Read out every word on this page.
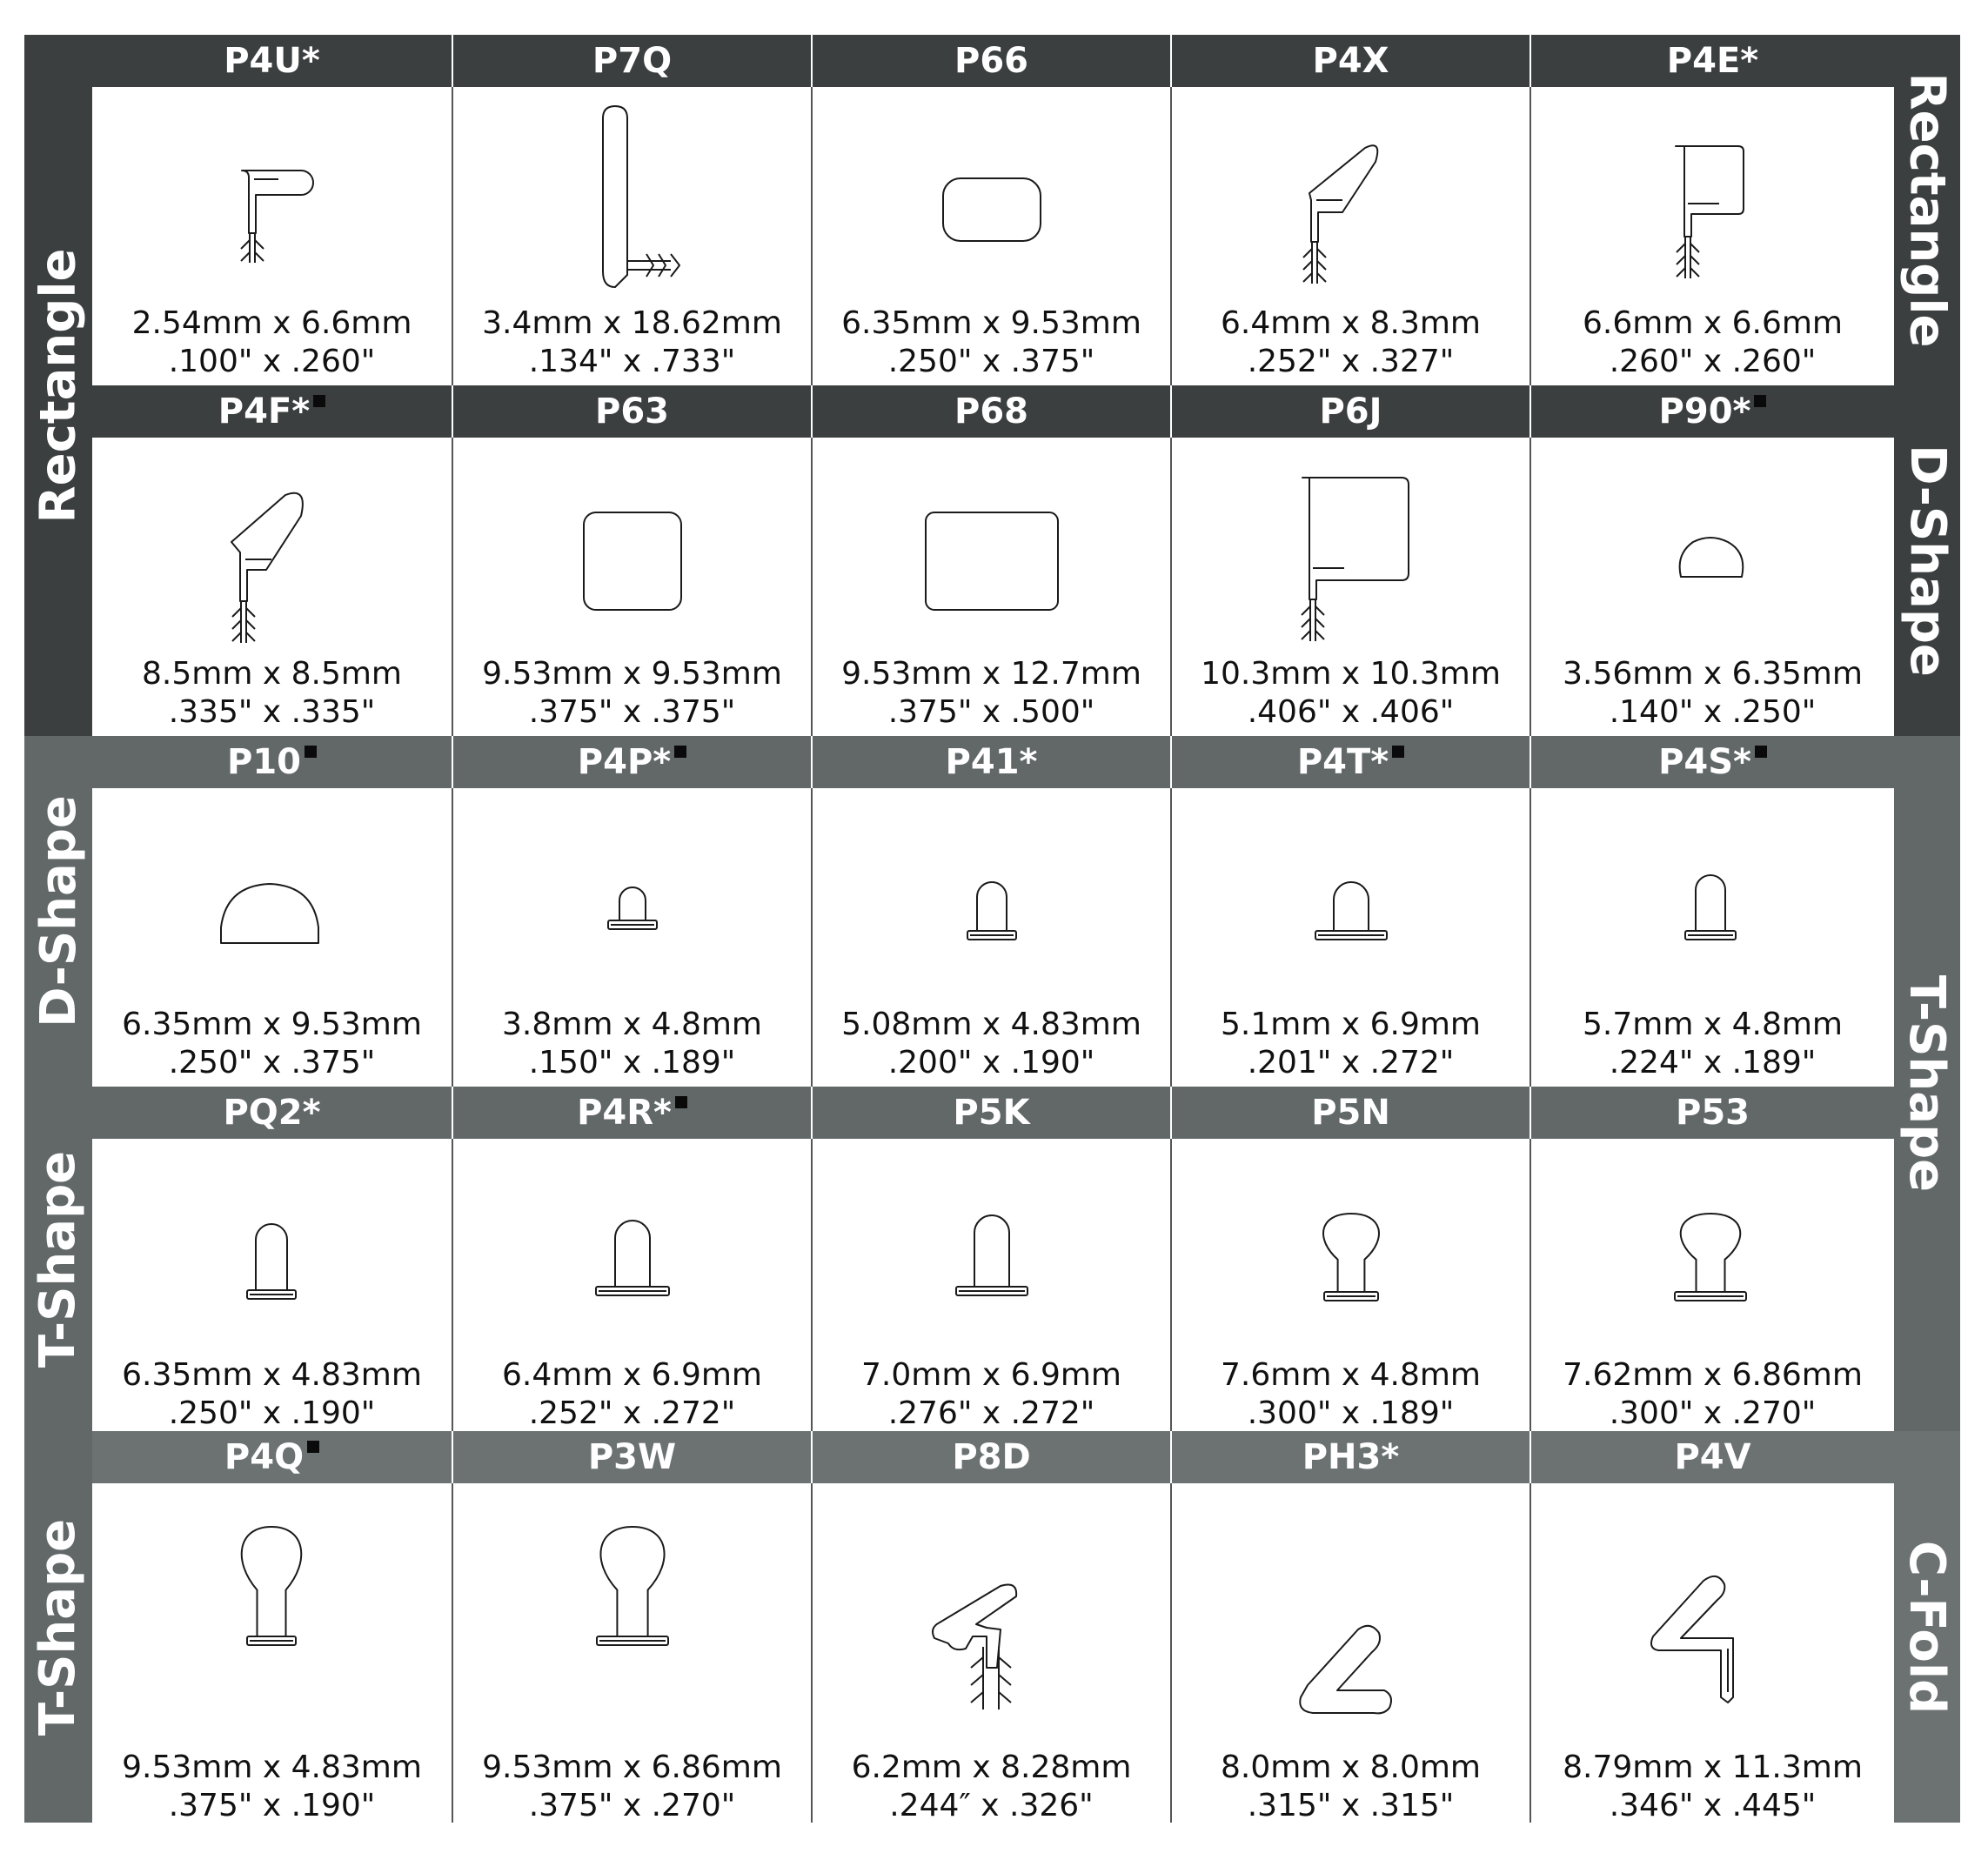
Rectangle
D-Shape
T-Shape
T-Shape
Rectangle
D-Shape
T-Shape
C-Fold
P4U*
2.54mm x 6.6mm
.100" x .260"
P7Q
3.4mm x 18.62mm
.134" x .733"
P66
6.35mm x 9.53mm
.250" x .375"
P4X
6.4mm x 8.3mm
.252" x .327"
P4E*
6.6mm x 6.6mm
.260" x .260"
P4F*
8.5mm x 8.5mm
.335" x .335"
P63
9.53mm x 9.53mm
.375" x .375"
P68
9.53mm x 12.7mm
.375" x .500"
P6J
10.3mm x 10.3mm
.406" x .406"
P90*
3.56mm x 6.35mm
.140" x .250"
P10
6.35mm x 9.53mm
.250" x .375"
P4P*
3.8mm x 4.8mm
.150" x .189"
P41*
5.08mm x 4.83mm
.200" x .190"
P4T*
5.1mm x 6.9mm
.201" x .272"
P4S*
5.7mm x 4.8mm
.224" x .189"
PQ2*
6.35mm x 4.83mm
.250" x .190"
P4R*
6.4mm x 6.9mm
.252" x .272"
P5K
7.0mm x 6.9mm
.276" x .272"
P5N
7.6mm x 4.8mm
.300" x .189"
P53
7.62mm x 6.86mm
.300" x .270"
P4Q
9.53mm x 4.83mm
.375" x .190"
P3W
9.53mm x 6.86mm
.375" x .270"
P8D
6.2mm x 8.28mm
.244″ x .326"
PH3*
8.0mm x 8.0mm
.315" x .315"
P4V
8.79mm x 11.3mm
.346" x .445"
